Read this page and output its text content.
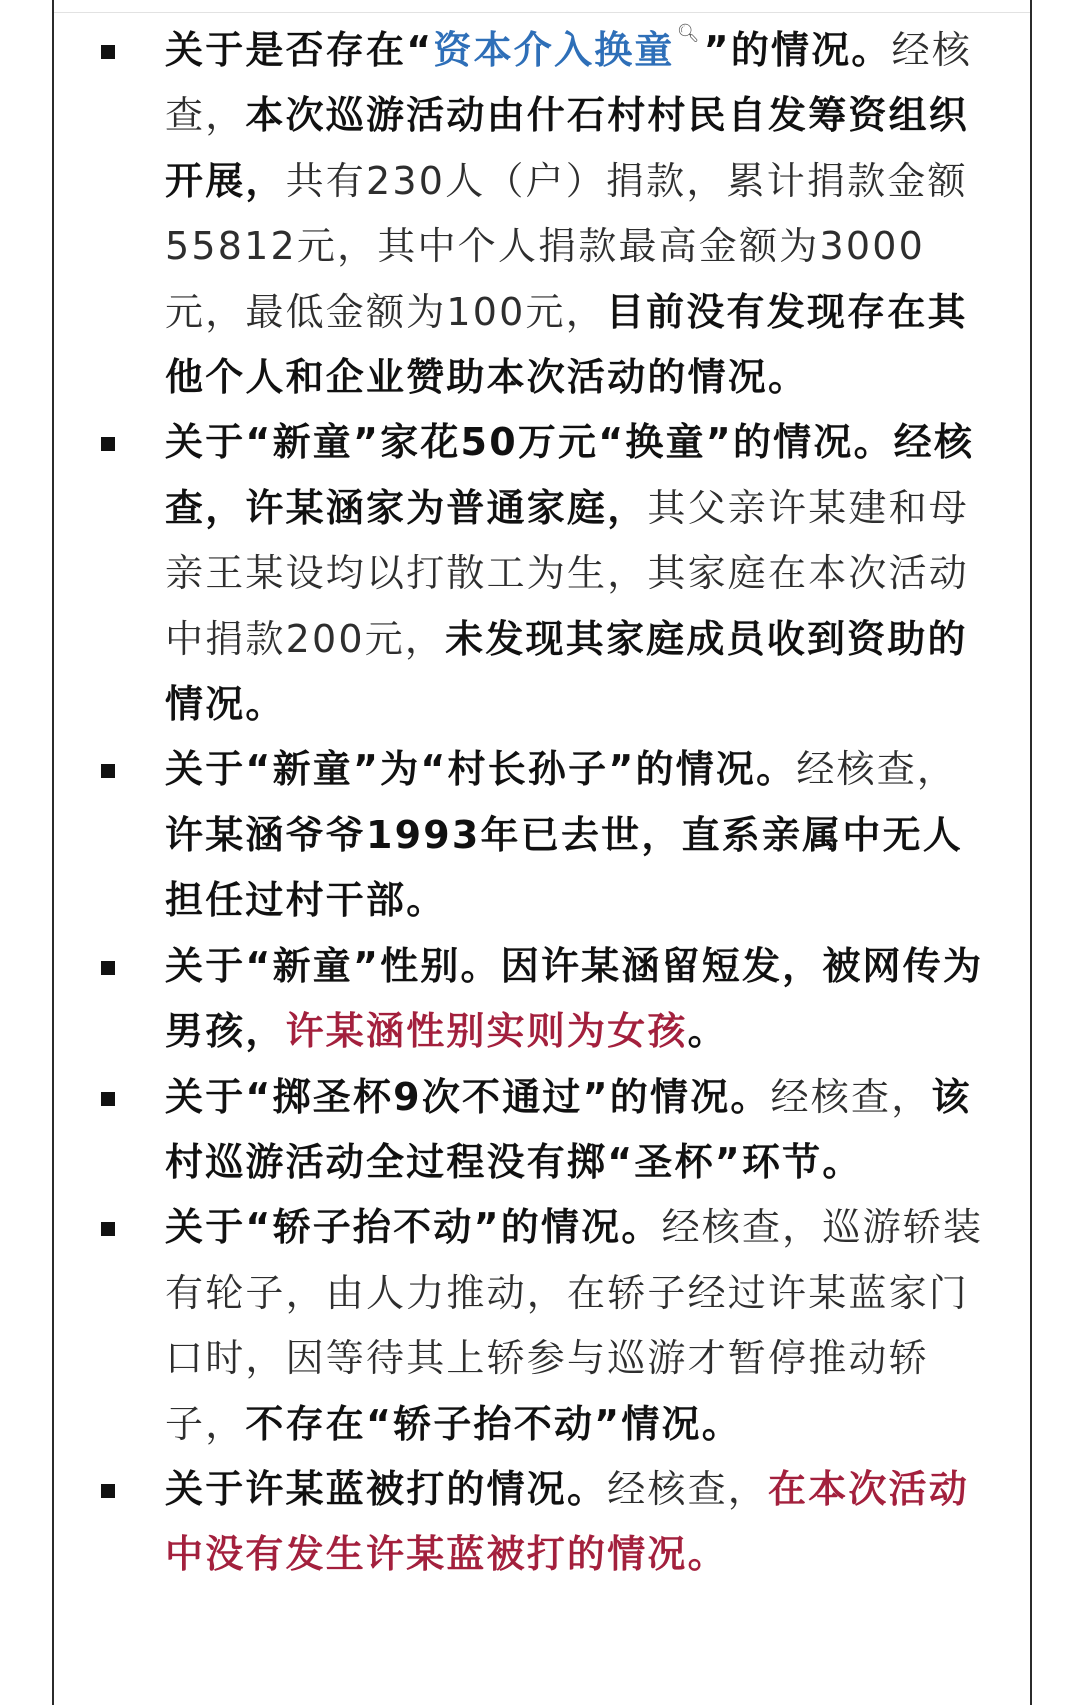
关于是否存在“资本介入换童 🔍︎”的情况。经核查，本次巡游活动由什石村村民自发筹资组织开展，共有230人（户）捐款，累计捐款金额55812元，其中个人捐款最高金额为3000元，最低金额为100元，目前没有发现存在其他个人和企业赞助本次活动的情况。
关于“新童”家花50万元“换童”的情况。经核查，许某涵家为普通家庭，其父亲许某建和母亲王某设均以打散工为生，其家庭在本次活动中捐款200元，未发现其家庭成员收到资助的情况。
关于“新童”为“村长孙子”的情况。经核查，许某涵爷爷1993年已去世，直系亲属中无人担任过村干部。
关于“新童”性别。因许某涵留短发，被网传为男孩，许某涵性别实则为女孩。
关于“掷圣杯9次不通过”的情况。经核查，该村巡游活动全过程没有掷“圣杯”环节。
关于“轿子抬不动”的情况。经核查，巡游轿装有轮子，由人力推动，在轿子经过许某蓝家门口时，因等待其上轿参与巡游才暂停推动轿子，不存在“轿子抬不动”情况。
关于许某蓝被打的情况。经核查，在本次活动中没有发生许某蓝被打的情况。
